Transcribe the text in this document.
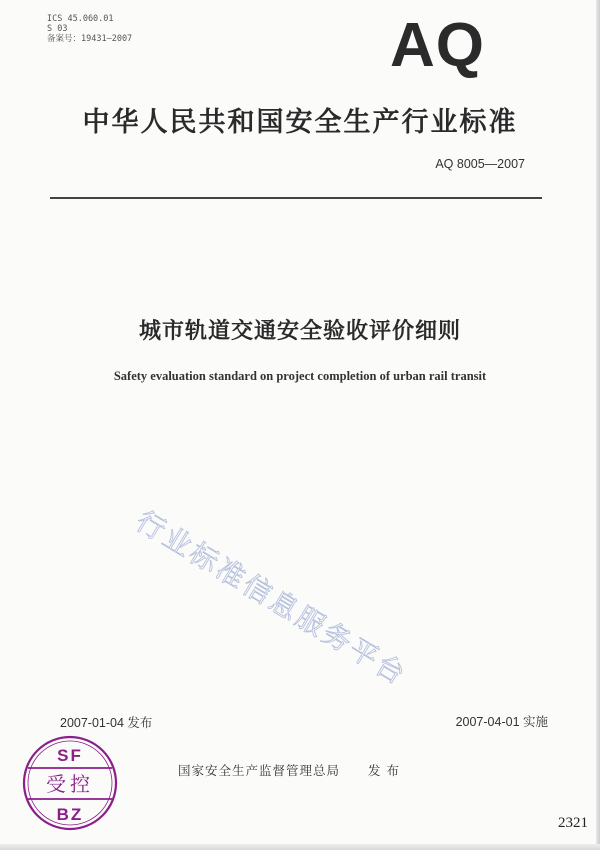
ICS 45.060.01
S 03
备案号：19431—2007	AQ
中华人民共和国安全生产行业标准
AQ 8005—2007
城市轨道交通安全验收评价细则
Safety evaluation standard on project completion of urban rail transit
行业标准信息服务平台
2007-01-04 发布	2007-04-01 实施
国家安全生产监督管理总局 发 布
SF
受控
BZ	2321
